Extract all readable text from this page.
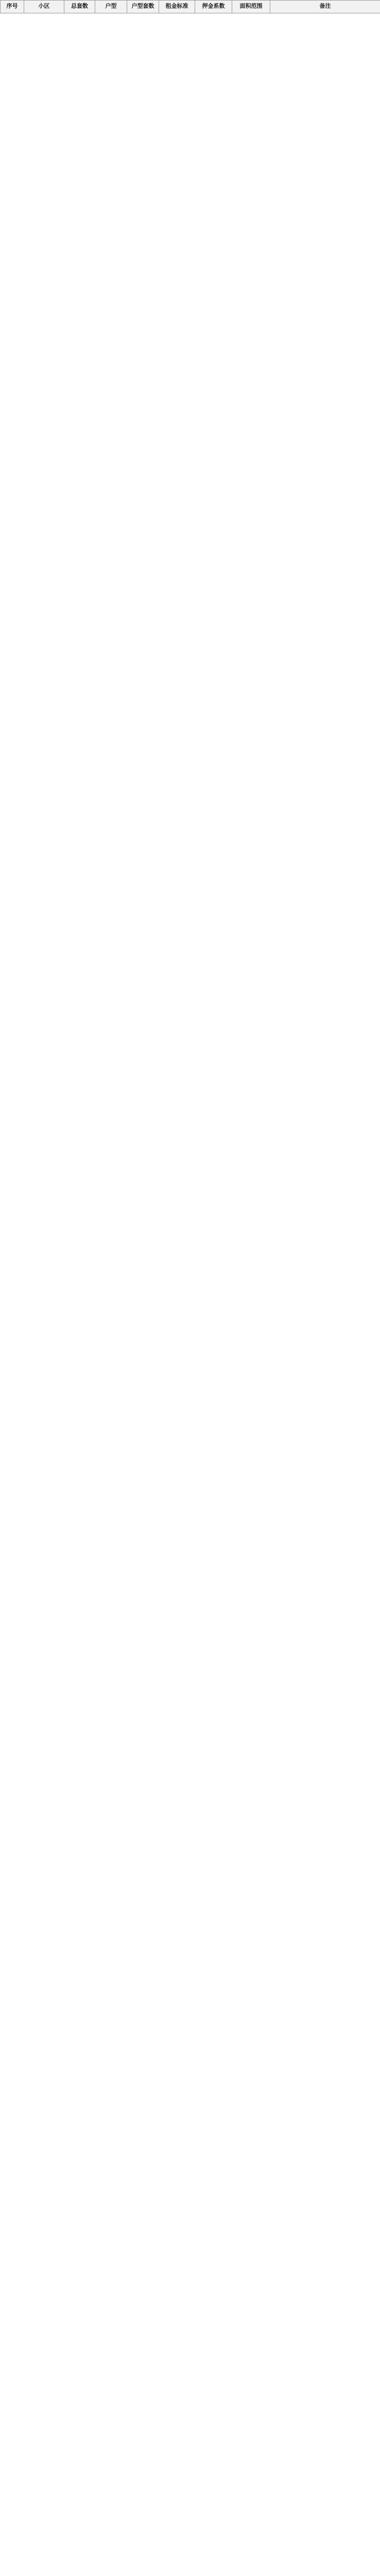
序号	小区	总套数	户型	户型套数	租金标准	押金系数	面积范围	备注
